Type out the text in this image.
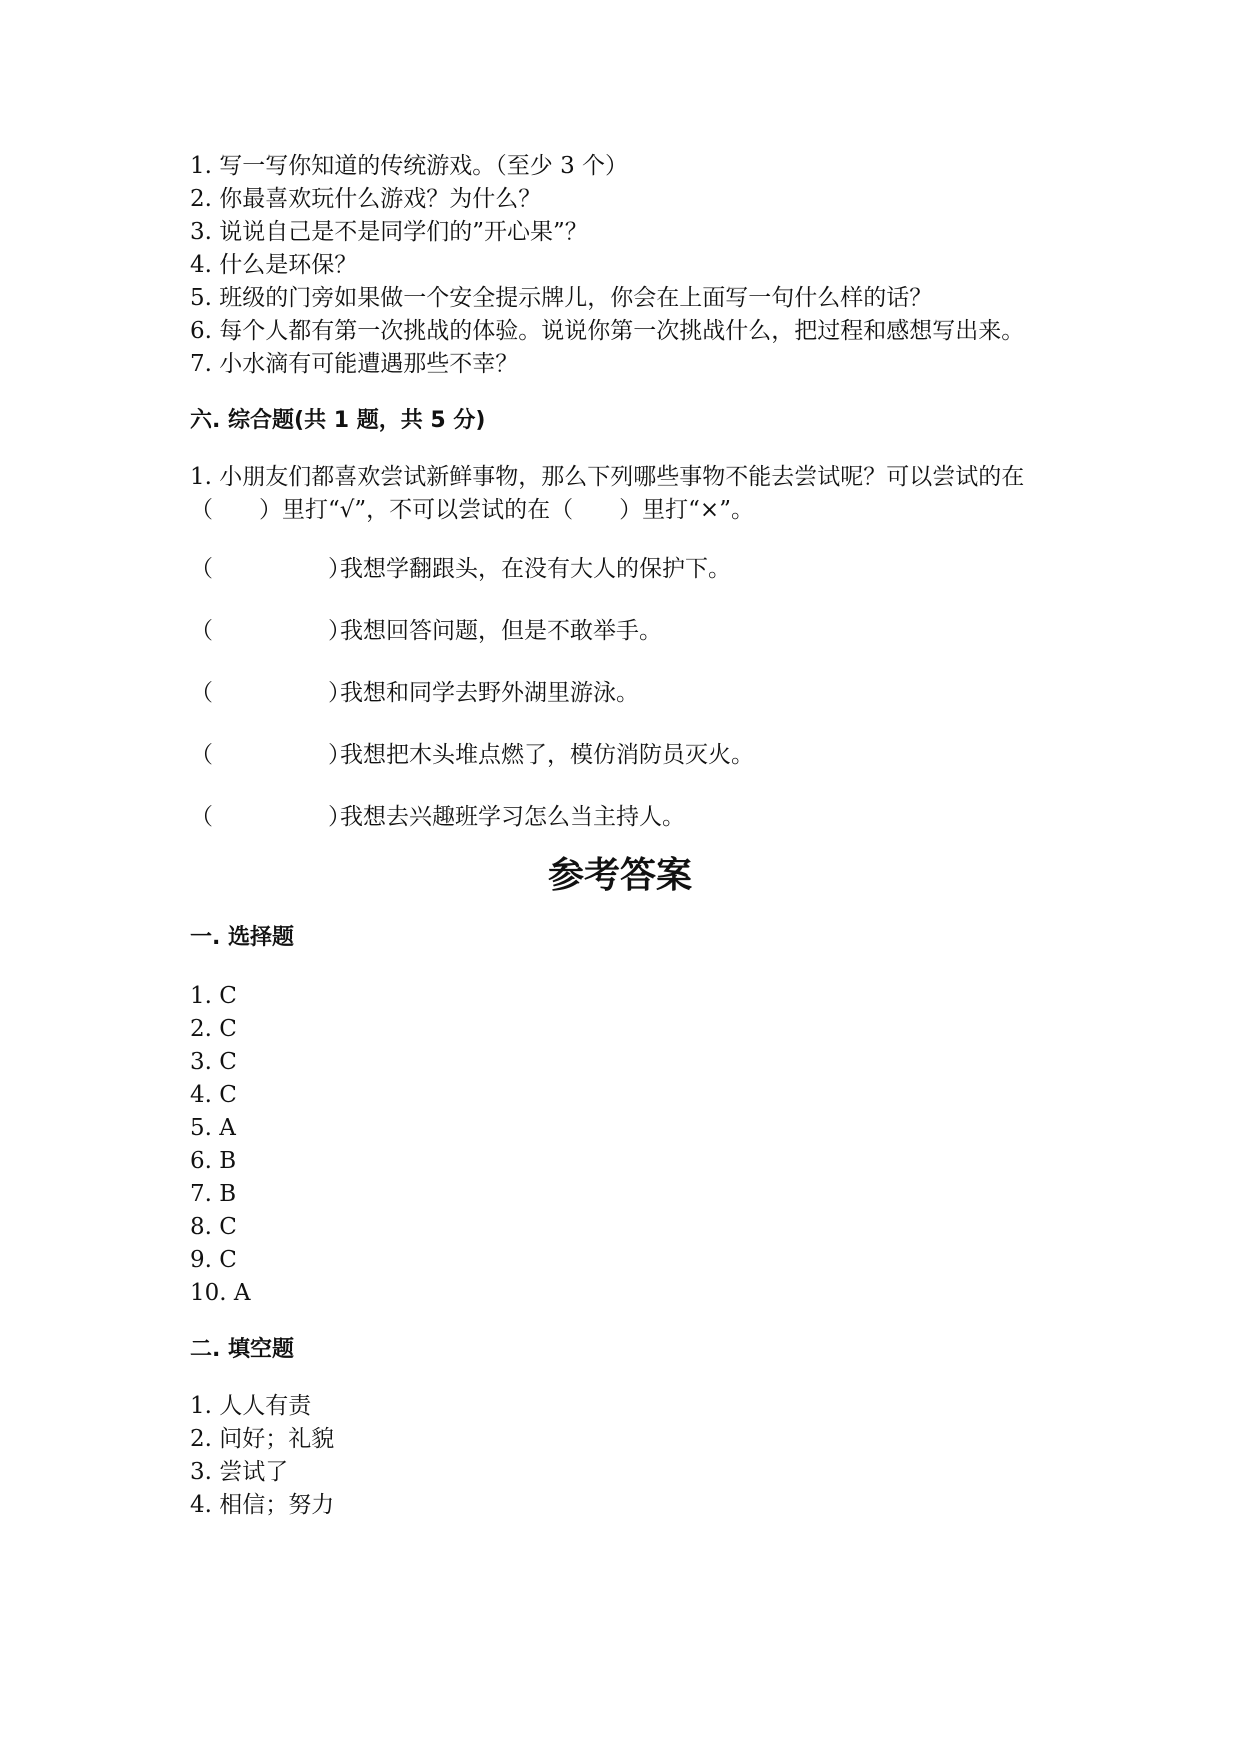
1. 写一写你知道的传统游戏。（至少 3 个）
2. 你最喜欢玩什么游戏？为什么？
3. 说说自己是不是同学们的”开心果”？
4. 什么是环保？
5. 班级的门旁如果做一个安全提示牌儿，你会在上面写一句什么样的话？
6. 每个人都有第一次挑战的体验。说说你第一次挑战什么，把过程和感想写出来。
7. 小水滴有可能遭遇那些不幸？
六. 综合题(共 1 题，共 5 分)
1. 小朋友们都喜欢尝试新鲜事物，那么下列哪些事物不能去尝试呢？可以尝试的在（　　）里打“√”，不可以尝试的在（　　）里打“×”。
（　　　　　）
我想学翻跟头，在没有大人的保护下。
（　　　　　）
我想回答问题，但是不敢举手。
（　　　　　）
我想和同学去野外湖里游泳。
（　　　　　）
我想把木头堆点燃了，模仿消防员灭火。
（　　　　　）
我想去兴趣班学习怎么当主持人。
参考答案
一. 选择题
1. C
2. C
3. C
4. C
5. A
6. B
7. B
8. C
9. C
10. A
二. 填空题
1. 人人有责
2. 问好；礼貌
3. 尝试了
4. 相信；努力
